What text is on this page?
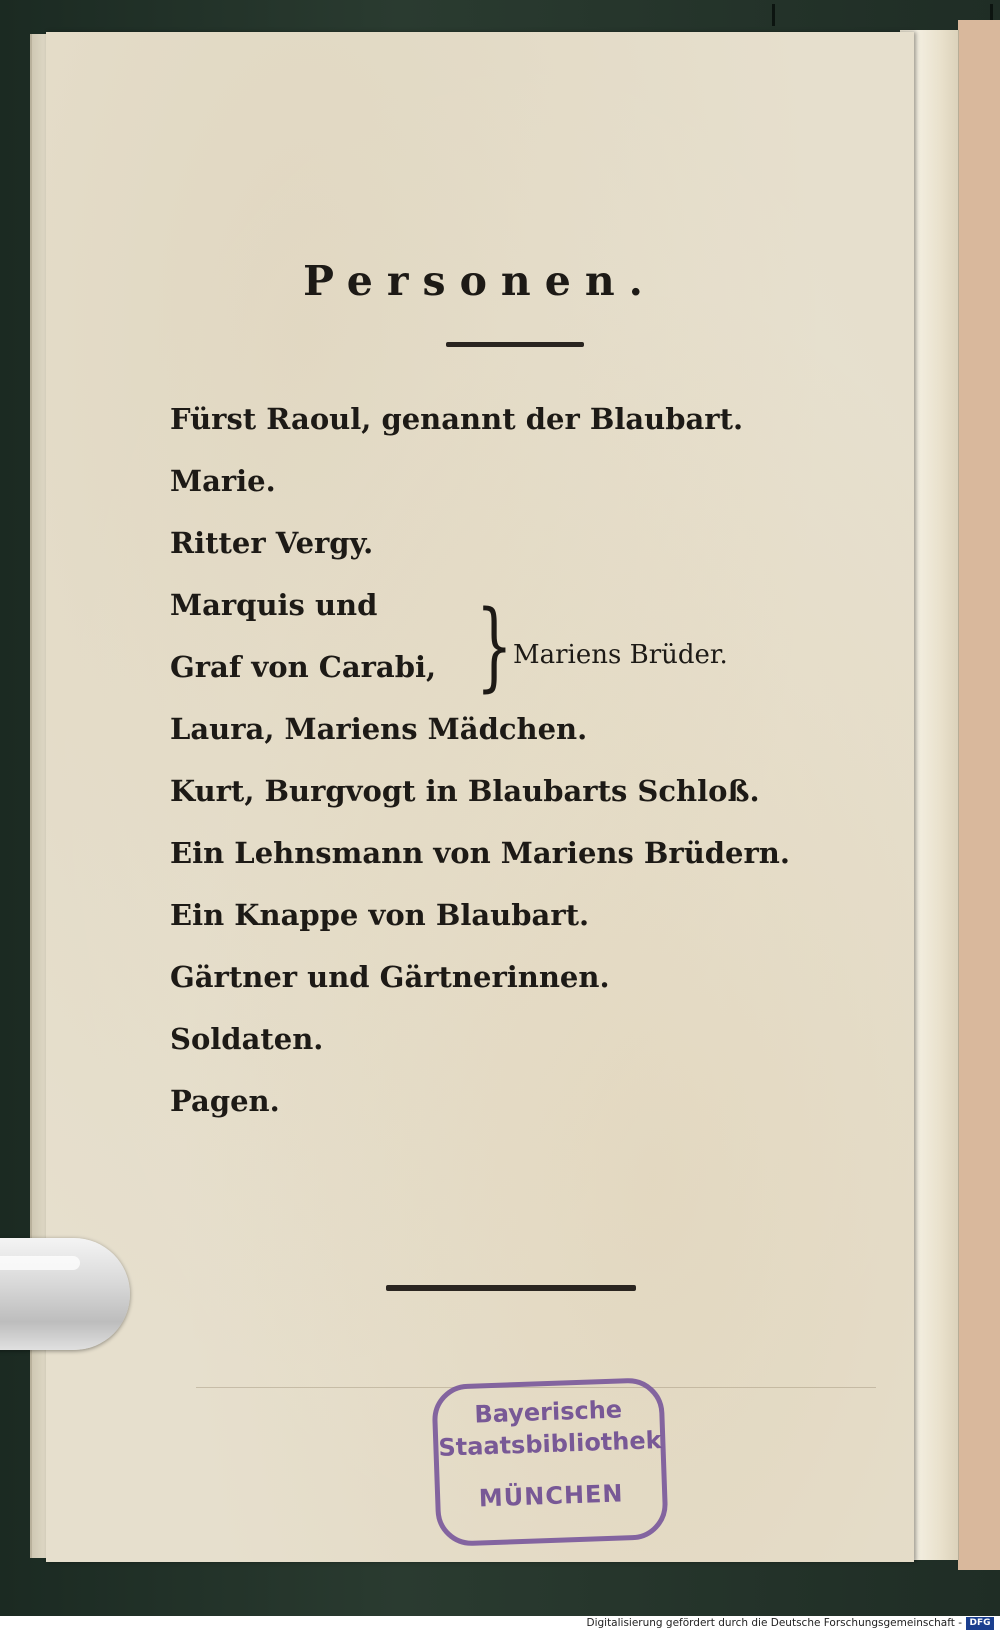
Personen.
Fürst Raoul, genannt der Blaubart.
Marie.
Ritter Vergy.
Marquis und
Graf von Carabi, } Mariens Brüder.
Laura, Mariens Mädchen.
Kurt, Burgvogt in Blaubarts Schloß.
Ein Lehnsmann von Mariens Brüdern.
Ein Knappe von Blaubart.
Gärtner und Gärtnerinnen.
Soldaten.
Pagen.
Bayerische
Staatsbibliothek
MÜNCHEN
Digitalisierung gefördert durch die Deutsche Forschungsgemeinschaft - DFG
